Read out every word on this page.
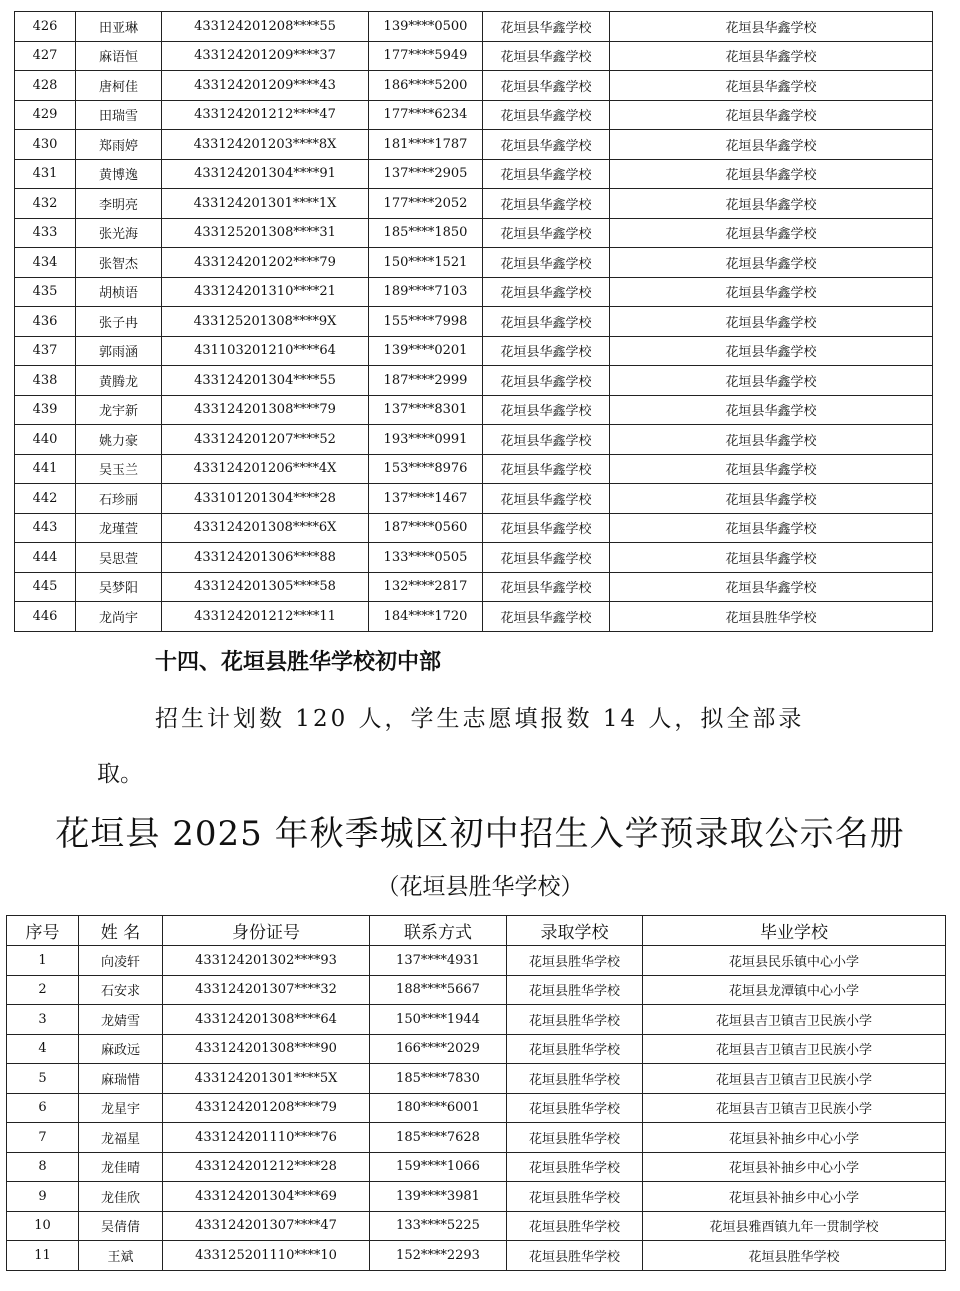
426	田亚琳	433124201208****55	139****0500	花垣县华鑫学校	花垣县华鑫学校
427	麻语恒	433124201209****37	177****5949	花垣县华鑫学校	花垣县华鑫学校
428	唐柯佳	433124201209****43	186****5200	花垣县华鑫学校	花垣县华鑫学校
429	田瑞雪	433124201212****47	177****6234	花垣县华鑫学校	花垣县华鑫学校
430	郑雨婷	433124201203****8X	181****1787	花垣县华鑫学校	花垣县华鑫学校
431	黄博逸	433124201304****91	137****2905	花垣县华鑫学校	花垣县华鑫学校
432	李明亮	433124201301****1X	177****2052	花垣县华鑫学校	花垣县华鑫学校
433	张光海	433125201308****31	185****1850	花垣县华鑫学校	花垣县华鑫学校
434	张智杰	433124201202****79	150****1521	花垣县华鑫学校	花垣县华鑫学校
435	胡桢语	433124201310****21	189****7103	花垣县华鑫学校	花垣县华鑫学校
436	张子冉	433125201308****9X	155****7998	花垣县华鑫学校	花垣县华鑫学校
437	郭雨涵	431103201210****64	139****0201	花垣县华鑫学校	花垣县华鑫学校
438	黄腾龙	433124201304****55	187****2999	花垣县华鑫学校	花垣县华鑫学校
439	龙宇新	433124201308****79	137****8301	花垣县华鑫学校	花垣县华鑫学校
440	姚力豪	433124201207****52	193****0991	花垣县华鑫学校	花垣县华鑫学校
441	吴玉兰	433124201206****4X	153****8976	花垣县华鑫学校	花垣县华鑫学校
442	石珍丽	433101201304****28	137****1467	花垣县华鑫学校	花垣县华鑫学校
443	龙瑾萱	433124201308****6X	187****0560	花垣县华鑫学校	花垣县华鑫学校
444	吴思萱	433124201306****88	133****0505	花垣县华鑫学校	花垣县华鑫学校
445	吴梦阳	433124201305****58	132****2817	花垣县华鑫学校	花垣县华鑫学校
446	龙尚宇	433124201212****11	184****1720	花垣县华鑫学校	花垣县胜华学校
十四、花垣县胜华学校初中部

招生计划数 120 人，学生志愿填报数 14 人，拟全部录

取。

花垣县 2025 年秋季城区初中招生入学预录取公示名册

（花垣县胜华学校）

序号	姓 名	身份证号	联系方式	录取学校	毕业学校
1	向凌轩	433124201302****93	137****4931	花垣县胜华学校	花垣县民乐镇中心小学
2	石安求	433124201307****32	188****5667	花垣县胜华学校	花垣县龙潭镇中心小学
3	龙婧雪	433124201308****64	150****1944	花垣县胜华学校	花垣县吉卫镇吉卫民族小学
4	麻政远	433124201308****90	166****2029	花垣县胜华学校	花垣县吉卫镇吉卫民族小学
5	麻瑞惜	433124201301****5X	185****7830	花垣县胜华学校	花垣县吉卫镇吉卫民族小学
6	龙星宇	433124201208****79	180****6001	花垣县胜华学校	花垣县吉卫镇吉卫民族小学
7	龙福星	433124201110****76	185****7628	花垣县胜华学校	花垣县补抽乡中心小学
8	龙佳晴	433124201212****28	159****1066	花垣县胜华学校	花垣县补抽乡中心小学
9	龙佳欣	433124201304****69	139****3981	花垣县胜华学校	花垣县补抽乡中心小学
10	吴倩倩	433124201307****47	133****5225	花垣县胜华学校	花垣县雅酉镇九年一贯制学校
11	王斌	433125201110****10	152****2293	花垣县胜华学校	花垣县胜华学校
